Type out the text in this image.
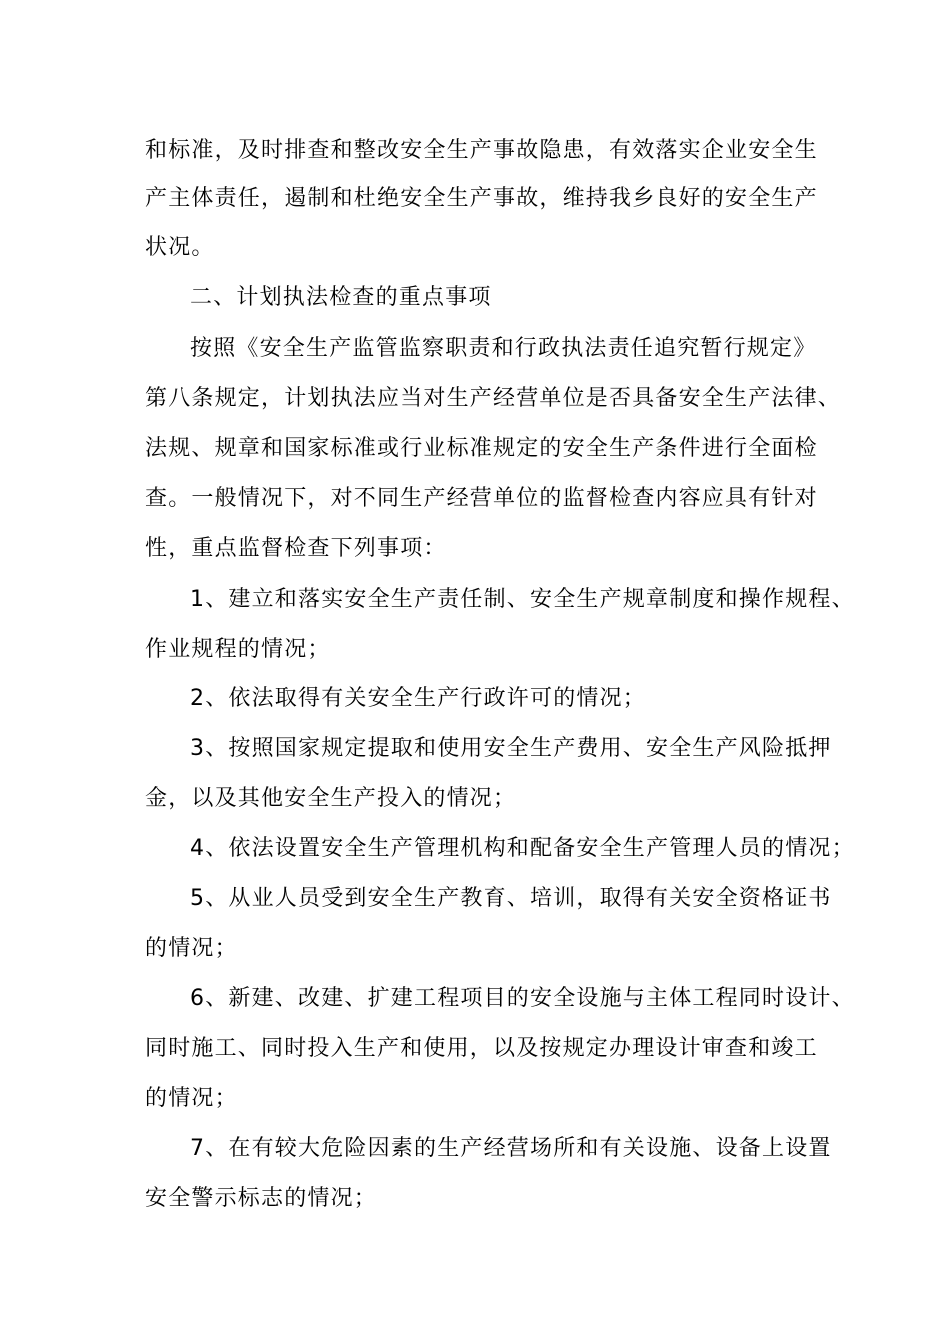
和标准，及时排查和整改安全生产事故隐患，有效落实企业安全生
产主体责任，遏制和杜绝安全生产事故，维持我乡良好的安全生产
状况。
二、计划执法检查的重点事项
按照《安全生产监管监察职责和行政执法责任追究暂行规定》
第八条规定，计划执法应当对生产经营单位是否具备安全生产法律、
法规、规章和国家标准或行业标准规定的安全生产条件进行全面检
查。一般情况下，对不同生产经营单位的监督检查内容应具有针对
性，重点监督检查下列事项：
1、建立和落实安全生产责任制、安全生产规章制度和操作规程、
作业规程的情况；
2、依法取得有关安全生产行政许可的情况；
3、按照国家规定提取和使用安全生产费用、安全生产风险抵押
金，以及其他安全生产投入的情况；
4、依法设置安全生产管理机构和配备安全生产管理人员的情况；
5、从业人员受到安全生产教育、培训，取得有关安全资格证书
的情况；
6、新建、改建、扩建工程项目的安全设施与主体工程同时设计、
同时施工、同时投入生产和使用，以及按规定办理设计审查和竣工
的情况；
7、在有较大危险因素的生产经营场所和有关设施、设备上设置
安全警示标志的情况；
